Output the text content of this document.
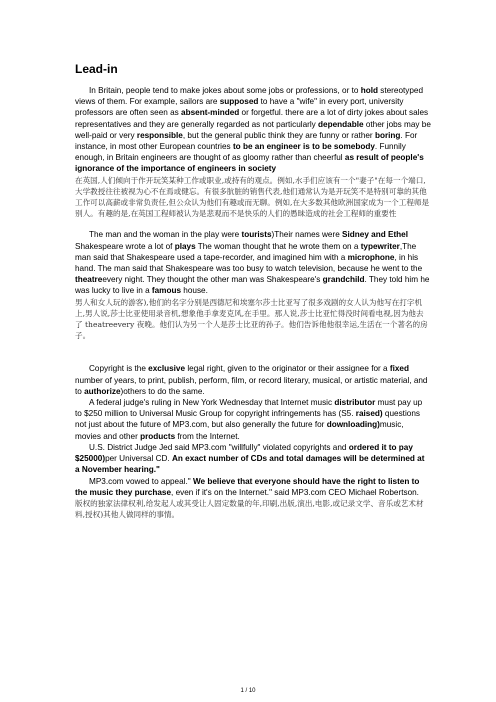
Lead-in

In Britain, people tend to make jokes about some jobs or professions, or to hold stereotyped views of them. For example, sailors are supposed to have a "wife" in every port, university professors are often seen as absent-minded or forgetful. there are a lot of dirty jokes about sales representatives and they are generally regarded as not particularly dependable other jobs may be well-paid or very responsible, but the general public think they are funny or rather boring. For instance, in most other European countries to be an engineer is to be somebody. Funnily enough, in Britain engineers are thought of as gloomy rather than cheerful as result of people's ignorance of the importance of engineers in society

在英国,人们倾向于作开玩笑某种工作或职业,或持有的观点。例如,水手们应该有一个"妻子"在每一个端口,大学教授往往被视为心不在焉或健忘。有很多肮脏的销售代表,他们通常认为是开玩笑不是特别可靠的其他工作可以高薪或非常负责任,但公众认为他们有趣或而无聊。例如,在大多数其他欧洲国家成为一个工程师是别人。有趣的是,在英国工程师被认为是悲观而不是快乐的人们的愚昧造成的社会工程师的重要性

The man and the woman in the play were tourists)Their names were Sidney and Ethel Shakespeare wrote a lot of plays The woman thought that he wrote them on a typewriter,The man said that Shakespeare used a tape-recorder, and imagined him with a microphone, in his hand. The man said that Shakespeare was too busy to watch television, because he went to the theatreevery night. They thought the other man was Shakespeare's grandchild. They told him he was lucky to live in a famous house.

男人和女人玩的游客),他们的名字分别是西德尼和埃塞尔莎士比亚写了很多戏剧的女人认为他写在打字机上,男人说,莎士比亚使用录音机,想象他手拿麦克风,在手里。那人说,莎士比亚忙得没时间看电视,因为他去了 theatreevery 夜晚。他们认为另一个人是莎士比亚的孙子。他们告诉他他很幸运,生活在一个著名的房子。

Copyright is the exclusive legal right, given to the originator or their assignee for a fixed number of years, to print, publish, perform, film, or record literary, musical, or artistic material, and to authorize)others to do the same.

A federal judge's ruling in New York Wednesday that Internet music distributor must pay up to $250 million to Universal Music Group for copyright infringements has (S5. raised) questions not just about the future of MP3.com, but also generally the future for downloading)music, movies and other products from the Internet.

U.S. District Judge Jed said MP3.com "willfully" violated copyrights and ordered it to pay $25000)per Universal CD. An exact number of CDs and total damages will be determined at a November hearing."

MP3.com vowed to appeal." We believe that everyone should have the right to listen to the music they purchase, even if it's on the Internet." said MP3.com CEO Michael Robertson.

版权的独家法律权利,给发起人或其受让人固定数量的年,印刷,出版,演出,电影,或记录文学、音乐或艺术材料,授权)其他人做同样的事情。

1 / 10
